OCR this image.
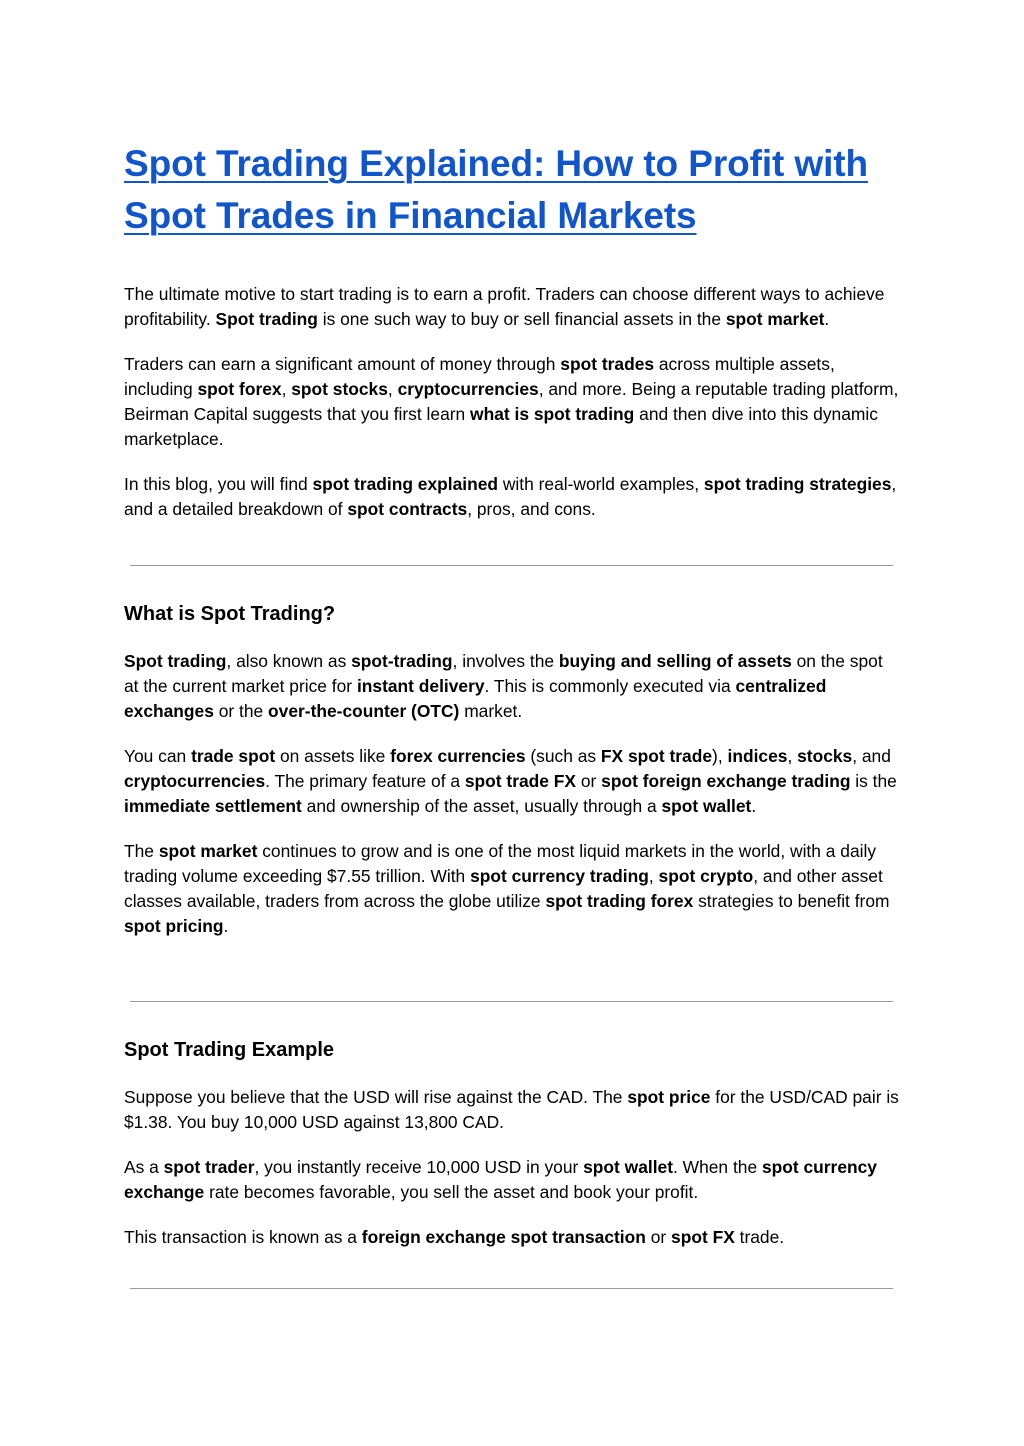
Spot Trading Explained: How to Profit with Spot Trades in Financial Markets

The ultimate motive to start trading is to earn a profit. Traders can choose different ways to achieve profitability. Spot trading is one such way to buy or sell financial assets in the spot market.

Traders can earn a significant amount of money through spot trades across multiple assets, including spot forex, spot stocks, cryptocurrencies, and more. Being a reputable trading platform, Beirman Capital suggests that you first learn what is spot trading and then dive into this dynamic marketplace.

In this blog, you will find spot trading explained with real-world examples, spot trading strategies, and a detailed breakdown of spot contracts, pros, and cons.

What is Spot Trading?

Spot trading, also known as spot-trading, involves the buying and selling of assets on the spot at the current market price for instant delivery. This is commonly executed via centralized exchanges or the over-the-counter (OTC) market.

You can trade spot on assets like forex currencies (such as FX spot trade), indices, stocks, and cryptocurrencies. The primary feature of a spot trade FX or spot foreign exchange trading is the immediate settlement and ownership of the asset, usually through a spot wallet.

The spot market continues to grow and is one of the most liquid markets in the world, with a daily trading volume exceeding $7.55 trillion. With spot currency trading, spot crypto, and other asset classes available, traders from across the globe utilize spot trading forex strategies to benefit from spot pricing.

Spot Trading Example

Suppose you believe that the USD will rise against the CAD. The spot price for the USD/CAD pair is $1.38. You buy 10,000 USD against 13,800 CAD.

As a spot trader, you instantly receive 10,000 USD in your spot wallet. When the spot currency exchange rate becomes favorable, you sell the asset and book your profit.

This transaction is known as a foreign exchange spot transaction or spot FX trade.
